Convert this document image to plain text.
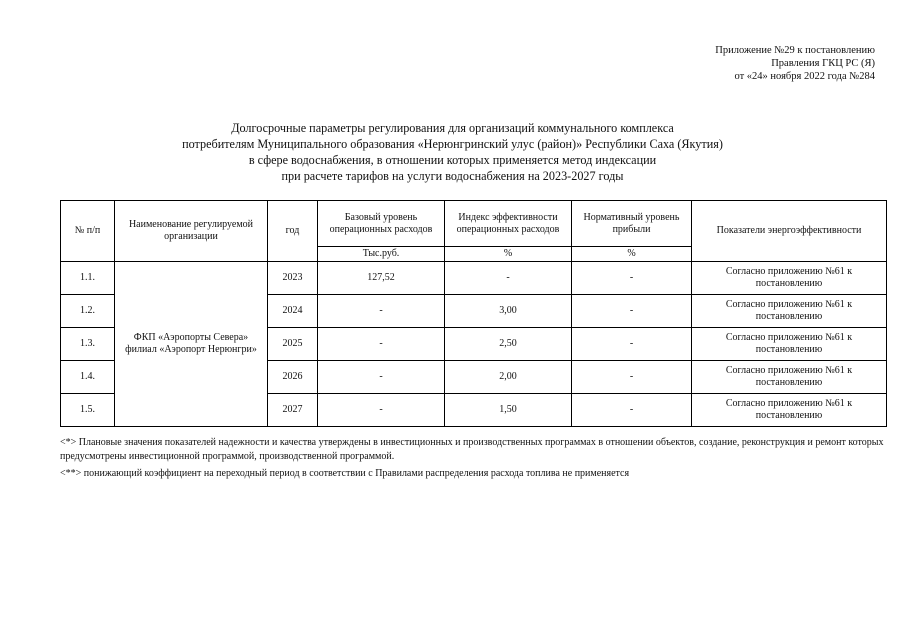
Приложение №29 к постановлению
Правления ГКЦ РС (Я)
от «24» ноября 2022 года №284
Долгосрочные параметры регулирования для организаций коммунального комплекса
потребителям Муниципального образования «Нерюнгринский улус (район)» Республики Саха (Якутия)
в сфере водоснабжения, в отношении которых применяется метод индексации
при расчете тарифов на услуги водоснабжения на 2023-2027 годы
№ п/п	Наименование регулируемой организации	год	Базовый уровень операционных расходов	Индекс эффективности операционных расходов	Нормативный уровень прибыли	Показатели энергоэффективности
			Тыс.руб.	%	%	
1.1.	ФКП «Аэропорты Севера» филиал «Аэропорт Нерюнгри»	2023	127,52	-	-	Согласно приложению №61 к постановлению
1.2.		2024	-	3,00	-	Согласно приложению №61 к постановлению
1.3.		2025	-	2,50	-	Согласно приложению №61 к постановлению
1.4.		2026	-	2,00	-	Согласно приложению №61 к постановлению
1.5.		2027	-	1,50	-	Согласно приложению №61 к постановлению

<*> Плановые значения показателей надежности и качества утверждены в инвестиционных и производственных программах в отношении объектов, создание, реконструкция и ремонт которых предусмотрены инвестиционной программой, производственной программой.

<**> понижающий коэффициент на переходный период в соответствии с Правилами распределения расхода топлива не применяется
